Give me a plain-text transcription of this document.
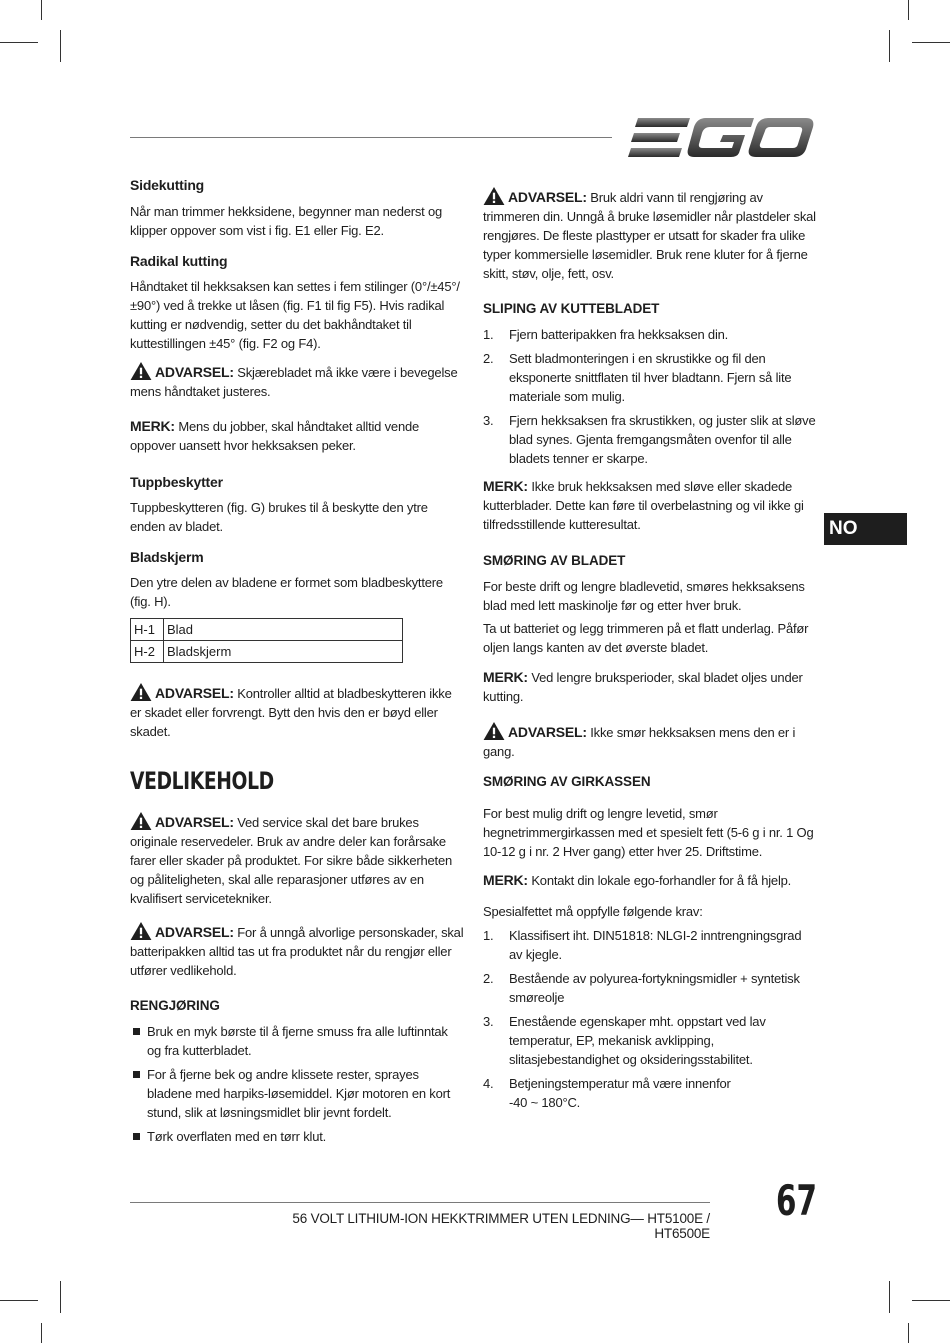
Sidekutting
Når man trimmer hekksidene, begynner man nederst og klipper oppover som vist i fig. E1 eller Fig. E2.
Radikal kutting
Håndtaket til hekksaksen kan settes i fem stilinger (0°/±45°/±90°) ved å trekke ut låsen (fig. F1 til fig F5). Hvis radikal kutting er nødvendig, setter du det bakhåndtaket til kuttestillingen ±45° (fig. F2 og F4).
ADVARSEL: Skjærebladet må ikke være i bevegelse mens håndtaket justeres.
MERK: Mens du jobber, skal håndtaket alltid vende oppover uansett hvor hekksaksen peker.
Tuppbeskytter
Tuppbeskytteren (fig. G) brukes til å beskytte den ytre enden av bladet.
Bladskjerm
Den ytre delen av bladene er formet som bladbeskyttere (fig. H).
H-1	Blad
H-2	Bladskjerm
ADVARSEL: Kontroller alltid at bladbeskytteren ikke er skadet eller forvrengt. Bytt den hvis den er bøyd eller skadet.
VEDLIKEHOLD
ADVARSEL: Ved service skal det bare brukes originale reservedeler. Bruk av andre deler kan forårsake farer eller skader på produktet. For sikre både sikkerheten og påliteligheten, skal alle reparasjoner utføres av en kvalifisert servicetekniker.
ADVARSEL: For å unngå alvorlige personskader, skal batteripakken alltid tas ut fra produktet når du rengjør eller utfører vedlikehold.
RENGJØRING
Bruk en myk børste til å fjerne smuss fra alle luftinntak og fra kutterbladet.
For å fjerne bek og andre klissete rester, sprayes bladene med harpiks-løsemiddel. Kjør motoren en kort stund, slik at løsningsmidlet blir jevnt fordelt.
Tørk overflaten med en tørr klut.
ADVARSEL: Bruk aldri vann til rengjøring av trimmeren din. Unngå å bruke løsemidler når plastdeler skal rengjøres. De fleste plasttyper er utsatt for skader fra ulike typer kommersielle løsemidler. Bruk rene kluter for å fjerne skitt, støv, olje, fett, osv.
SLIPING AV KUTTEBLADET
1. Fjern batteripakken fra hekksaksen din.
2. Sett bladmonteringen i en skrustikke og fil den eksponerte snittflaten til hver bladtann. Fjern så lite materiale som mulig.
3. Fjern hekksaksen fra skrustikken, og juster slik at sløve blad synes. Gjenta fremgangsmåten ovenfor til alle bladets tenner er skarpe.
MERK: Ikke bruk hekksaksen med sløve eller skadede kutterblader. Dette kan føre til overbelastning og vil ikke gi tilfredsstillende kutteresultat.
SMØRING AV BLADET
For beste drift og lengre bladlevetid, smøres hekksaksens blad med lett maskinolje før og etter hver bruk.
Ta ut batteriet og legg trimmeren på et flatt underlag. Påfør oljen langs kanten av det øverste bladet.
MERK: Ved lengre bruksperioder, skal bladet oljes under kutting.
ADVARSEL: Ikke smør hekksaksen mens den er i gang.
SMØRING AV GIRKASSEN
For best mulig drift og lengre levetid, smør hegnetrimmergirkassen med et spesielt fett (5-6 g i nr. 1 Og 10-12 g i nr. 2 Hver gang) etter hver 25. Driftstime.
MERK: Kontakt din lokale ego-forhandler for å få hjelp.
Spesialfettet må oppfylle følgende krav:
1. Klassifisert iht. DIN51818: NLGI-2 inntrengningsgrad av kjegle.
2. Bestående av polyurea-fortykningsmidler + syntetisk smøreolje
3. Enestående egenskaper mht. oppstart ved lav temperatur, EP, mekanisk avklipping, slitasjebestandighet og oksideringsstabilitet.
4. Betjeningstemperatur må være innenfor -40 ~ 180°C.
NO
56 VOLT LITHIUM-ION HEKKTRIMMER UTEN LEDNING— HT5100E / HT6500E
67
